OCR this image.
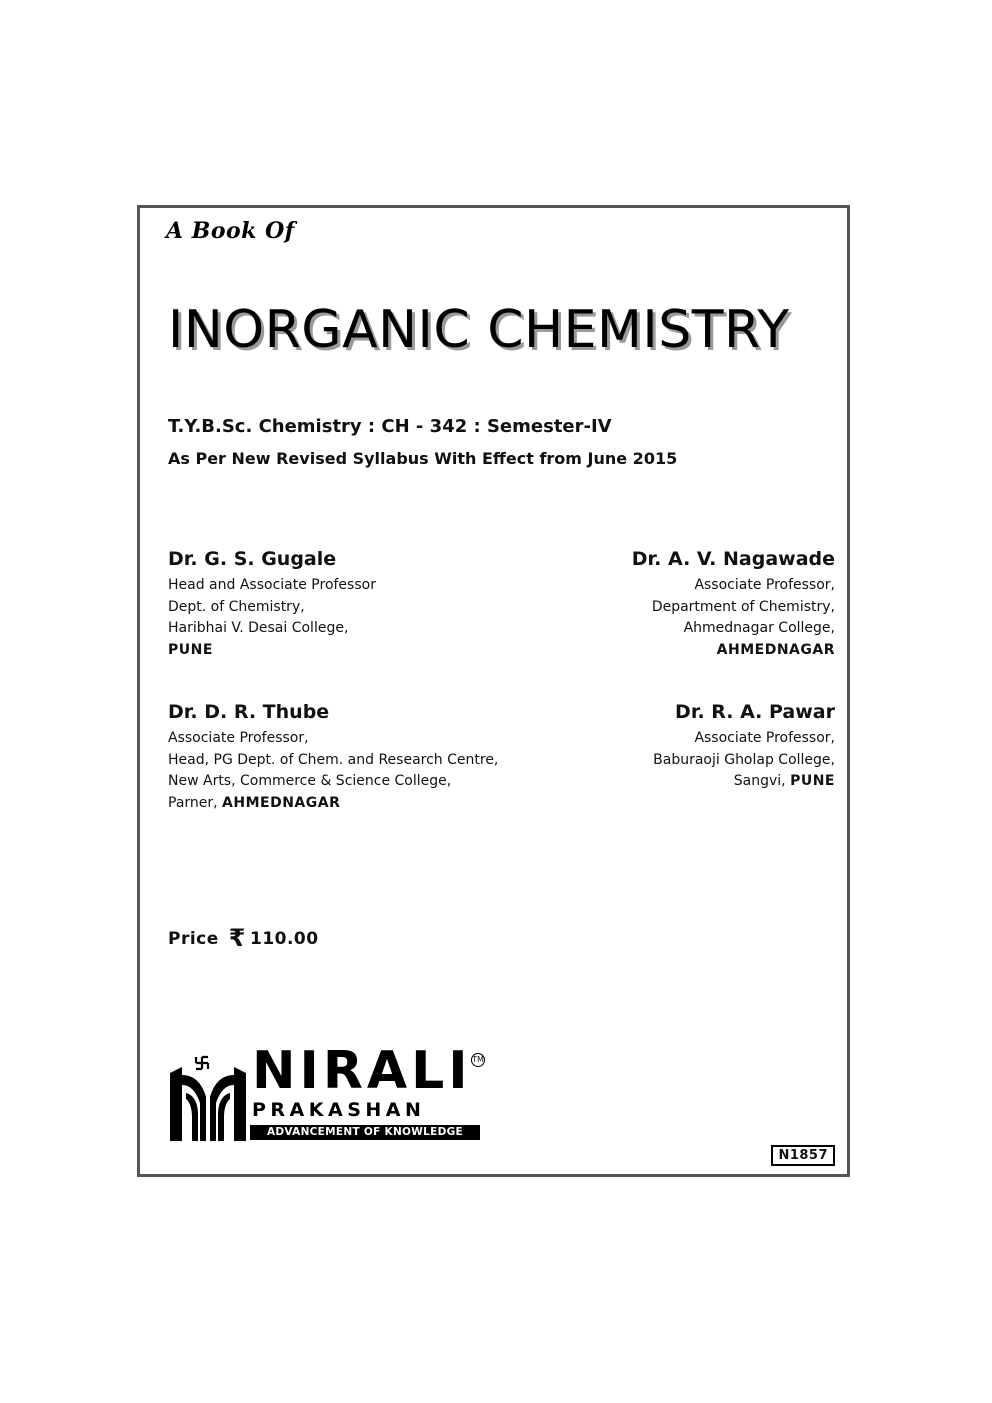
A Book Of
INORGANIC CHEMISTRY
T.Y.B.Sc. Chemistry : CH - 342 : Semester-IV
As Per New Revised Syllabus With Effect from June 2015
Dr. G. S. Gugale
Head and Associate Professor
Dept. of Chemistry,
Haribhai V. Desai College,
PUNE
Dr. A. V. Nagawade
Associate Professor,
Department of Chemistry,
Ahmednagar College,
AHMEDNAGAR
Dr. D. R. Thube
Associate Professor,
Head, PG Dept. of Chem. and Research Centre,
New Arts, Commerce & Science College,
Parner, AHMEDNAGAR
Dr. R. A. Pawar
Associate Professor,
Baburaoji Gholap College,
Sangvi, PUNE
Price ₹ 110.00
NIRALI TM
PRAKASHAN
ADVANCEMENT OF KNOWLEDGE
N1857
